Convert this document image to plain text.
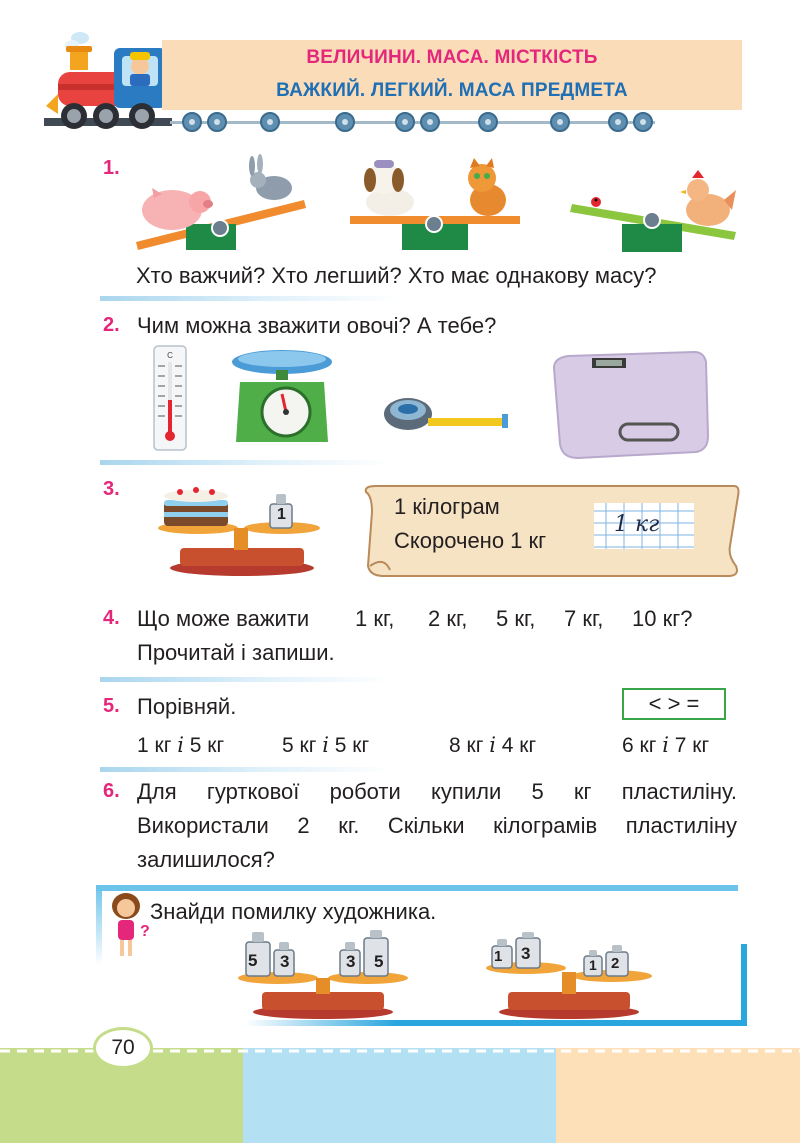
ВЕЛИЧИНИ. МАСА. МІСТКІСТЬ
ВАЖКИЙ. ЛЕГКИЙ. МАСА ПРЕДМЕТА
1.
Хто важчий? Хто легший? Хто має однакову масу?
2. Чим можна зважити овочі? А тебе?
C
3.
1	1 кілограм
Скорочено 1 кг
1 кг
4. Що може важити 1 кг, 2 кг, 5 кг, 7 кг, 10 кг?
Прочитай і запиши.
5. Порівняй.	< > =
1 кг і 5 кг	5 кг і 5 кг	8 кг і 4 кг	6 кг і 7 кг
6. Для гурткової роботи купили 5 кг пластиліну.
Використали 2 кг. Скільки кілограмів пластиліну
залишилося?
?
Знайди помилку художника.
5 3	3 5	1 3
1 2
70
